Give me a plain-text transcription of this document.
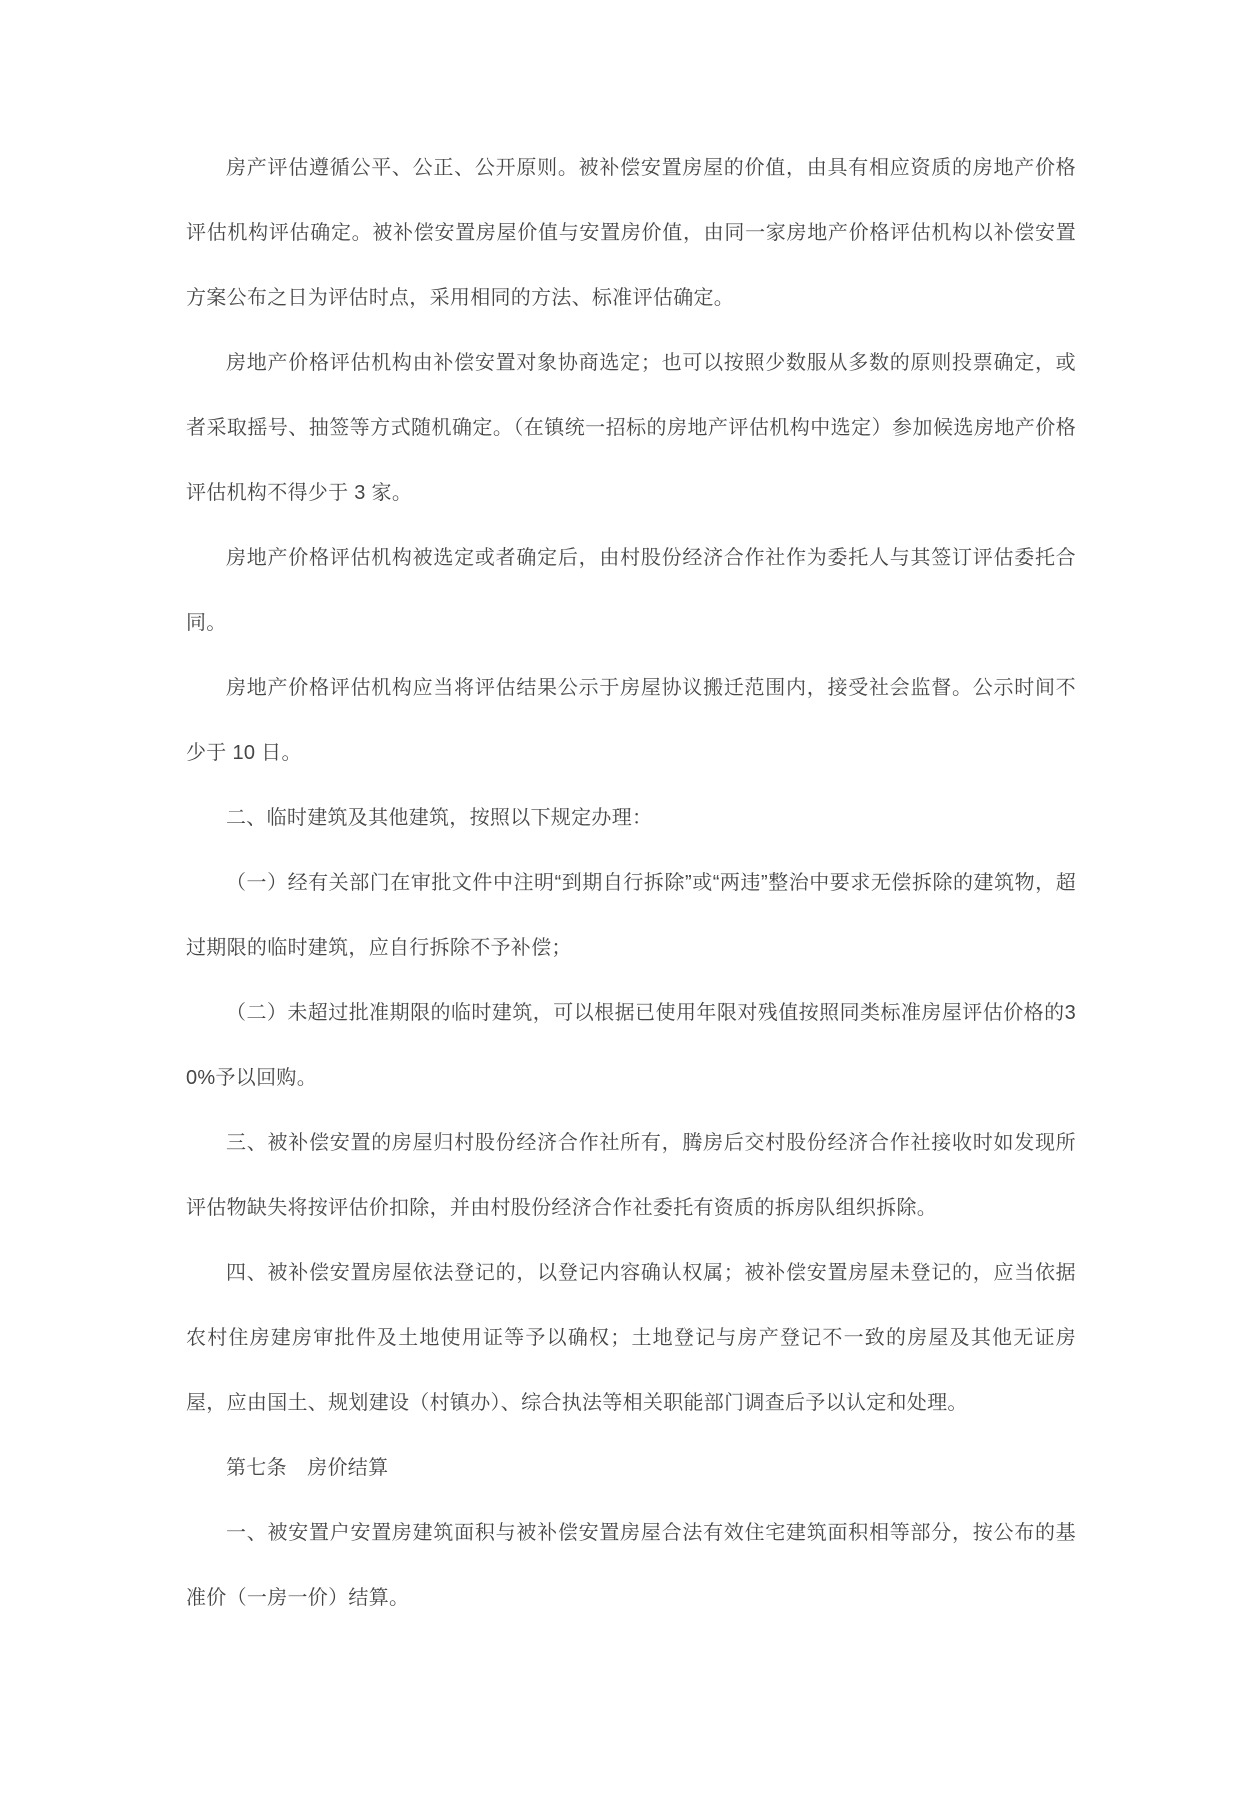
房产评估遵循公平、公正、公开原则。被补偿安置房屋的价值，由具有相应资质的房地产价格评估机构评估确定。被补偿安置房屋价值与安置房价值，由同一家房地产价格评估机构以补偿安置方案公布之日为评估时点，采用相同的方法、标准评估确定。

房地产价格评估机构由补偿安置对象协商选定；也可以按照少数服从多数的原则投票确定，或者采取摇号、抽签等方式随机确定。（在镇统一招标的房地产评估机构中选定）参加候选房地产价格评估机构不得少于 3 家。

房地产价格评估机构被选定或者确定后，由村股份经济合作社作为委托人与其签订评估委托合同。

房地产价格评估机构应当将评估结果公示于房屋协议搬迁范围内，接受社会监督。公示时间不少于 10 日。

二、临时建筑及其他建筑，按照以下规定办理：

（一）经有关部门在审批文件中注明“到期自行拆除”或“两违”整治中要求无偿拆除的建筑物，超过期限的临时建筑，应自行拆除不予补偿；

（二）未超过批准期限的临时建筑，可以根据已使用年限对残值按照同类标准房屋评估价格的30%予以回购。

三、被补偿安置的房屋归村股份经济合作社所有，腾房后交村股份经济合作社接收时如发现所评估物缺失将按评估价扣除，并由村股份经济合作社委托有资质的拆房队组织拆除。

四、被补偿安置房屋依法登记的，以登记内容确认权属；被补偿安置房屋未登记的，应当依据农村住房建房审批件及土地使用证等予以确权；土地登记与房产登记不一致的房屋及其他无证房屋，应由国土、规划建设（村镇办）、综合执法等相关职能部门调查后予以认定和处理。

第七条　房价结算

一、被安置户安置房建筑面积与被补偿安置房屋合法有效住宅建筑面积相等部分，按公布的基准价（一房一价）结算。
